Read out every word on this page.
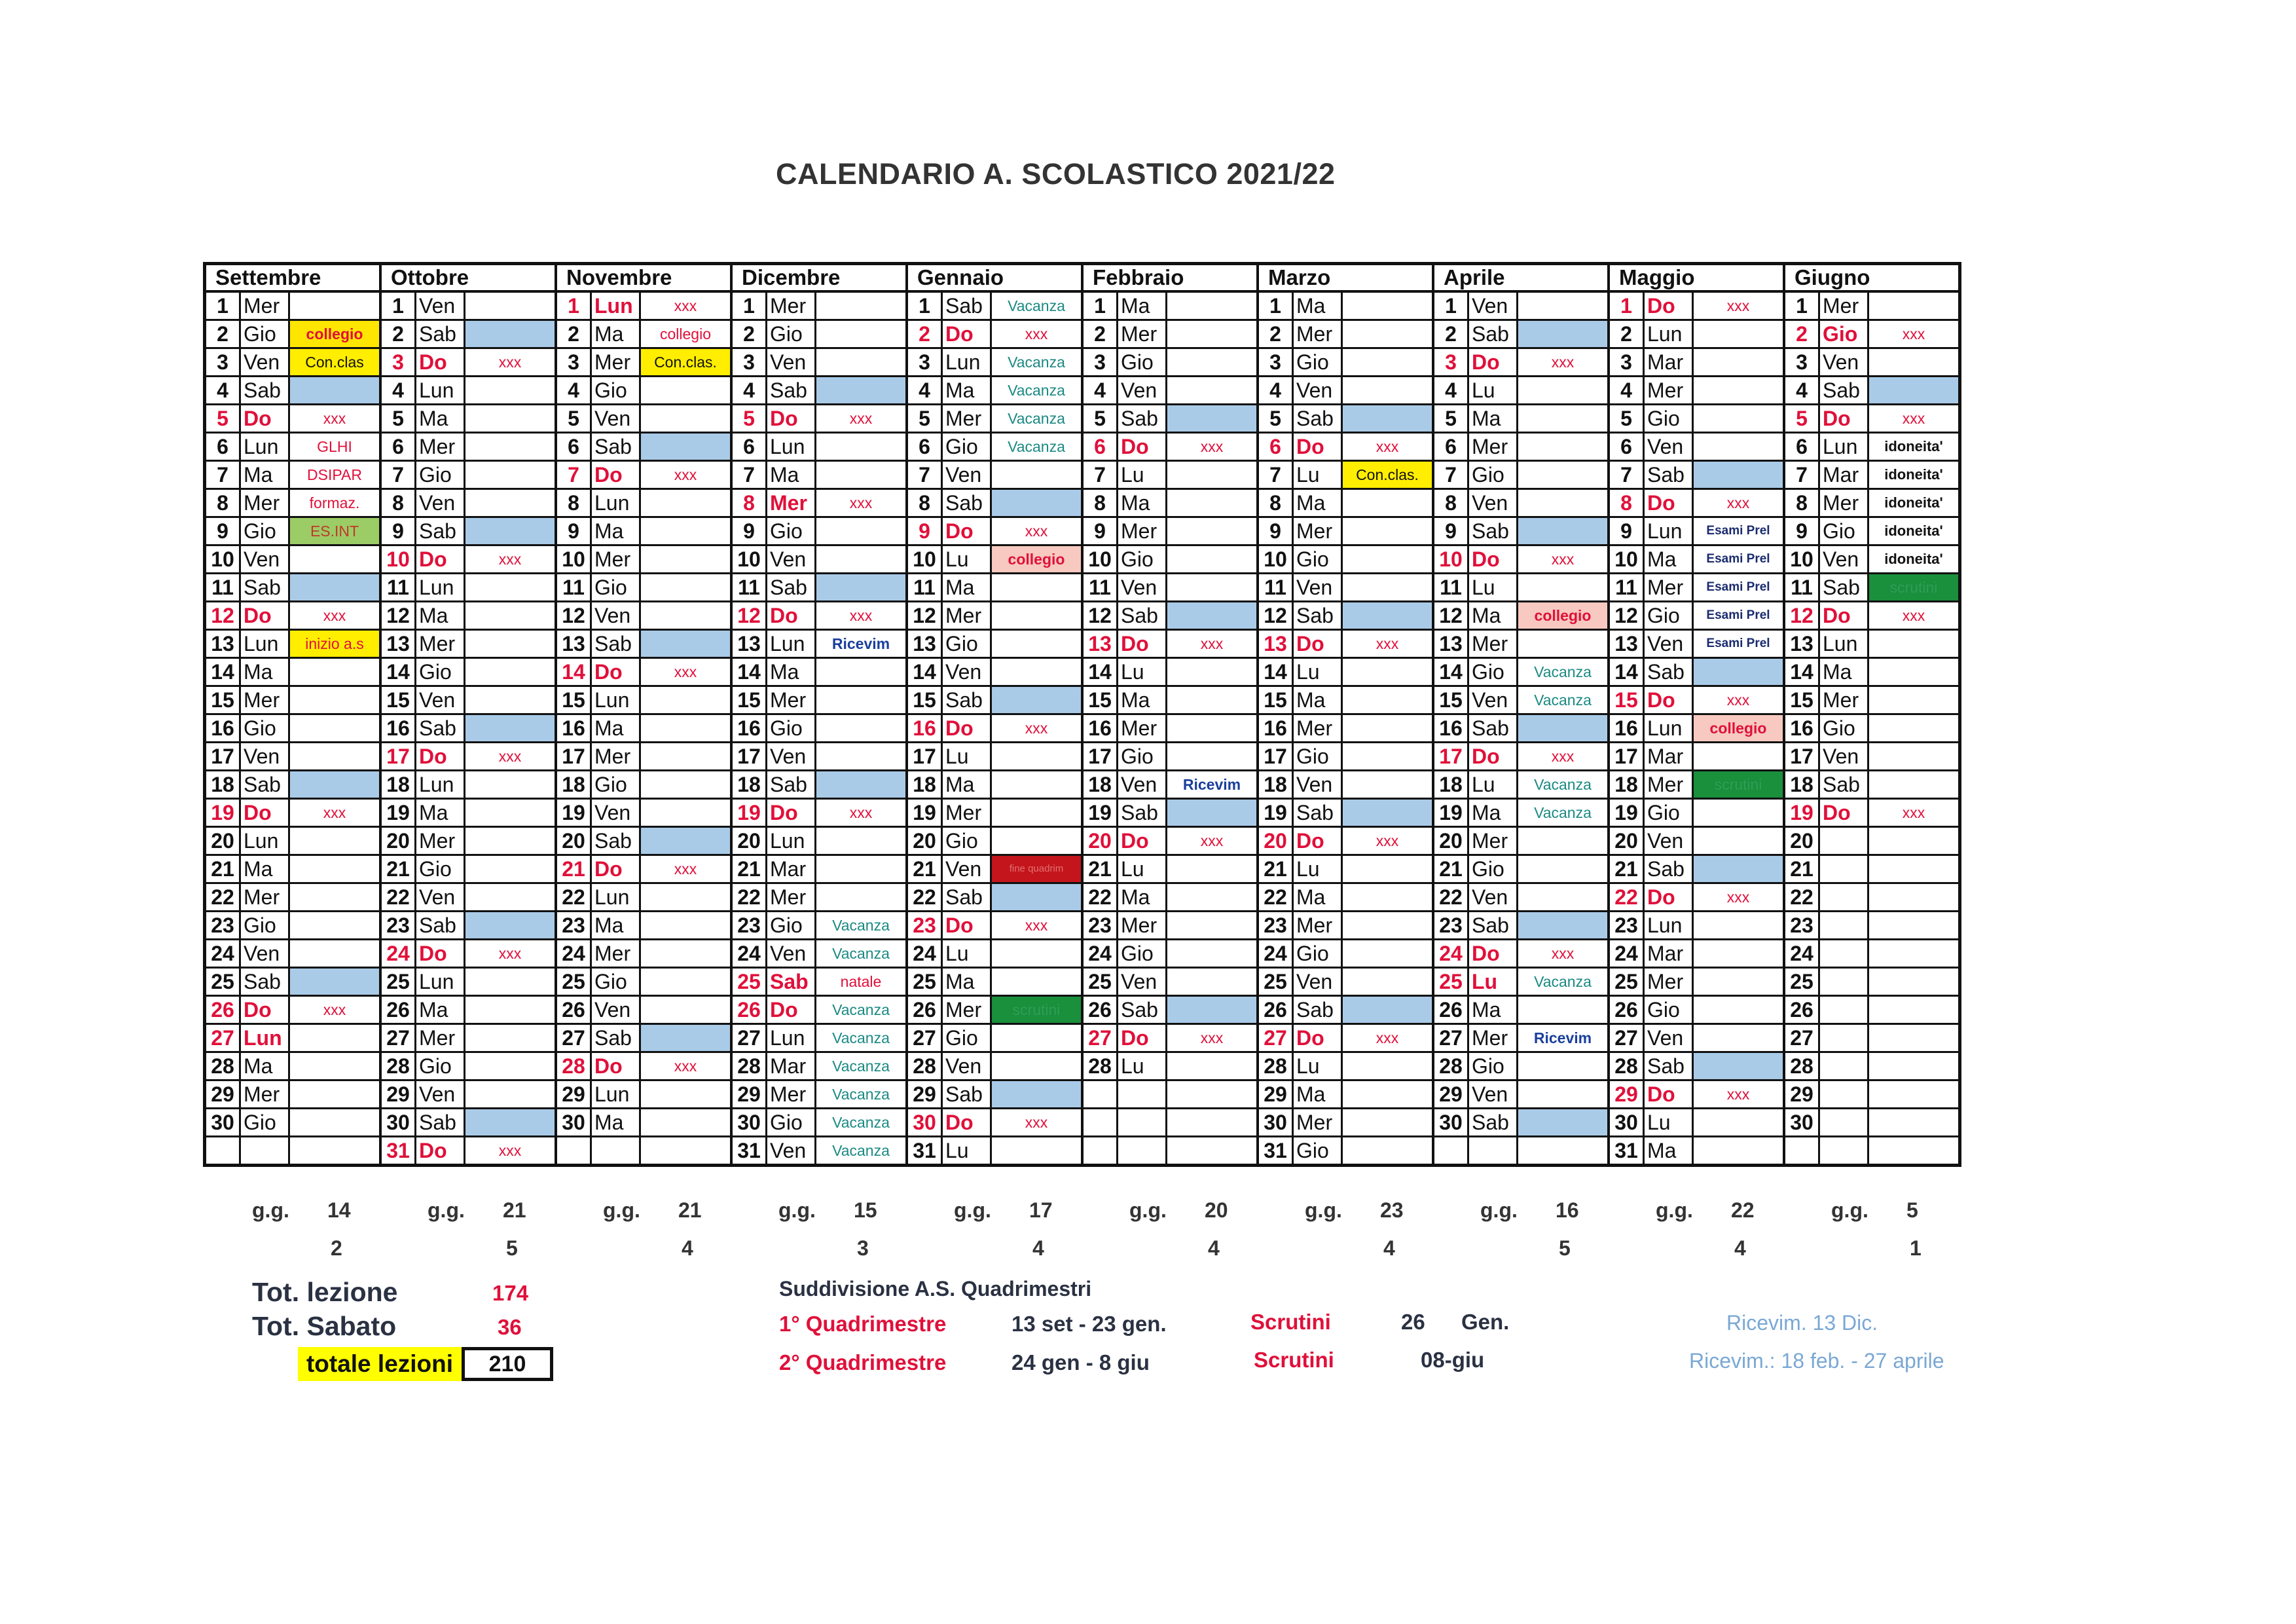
CALENDARIO A. SCOLASTICO 2021/22
Settembre
1 Mer
2 Gio	collegio
3 Ven	Con.clas
4 Sab
5 Do	xxx
6 Lun	GLHI
7 Ma	DSIPAR
8 Mer	formaz.
9 Gio	ES.INT
10 Ven
11 Sab
12 Do	xxx
13 Lun	inizio a.s
14 Ma
15 Mer
16 Gio
17 Ven
18 Sab
19 Do	xxx
20 Lun
21 Ma
22 Mer
23 Gio
24 Ven
25 Sab
26 Do	xxx
27 Lun
28 Ma
29 Mer
30 Gio
Ottobre
1 Ven
2 Sab
3 Do	xxx
4 Lun
5 Ma
6 Mer
7 Gio
8 Ven
9 Sab
10 Do	xxx
11 Lun
12 Ma
13 Mer
14 Gio
15 Ven
16 Sab
17 Do	xxx
18 Lun
19 Ma
20 Mer
21 Gio
22 Ven
23 Sab
24 Do	xxx
25 Lun
26 Ma
27 Mer
28 Gio
29 Ven
30 Sab
31 Do	xxx
Novembre
1 Lun	xxx
2 Ma	collegio
3 Mer	Con.clas.
4 Gio
5 Ven
6 Sab
7 Do	xxx
8 Lun
9 Ma
10 Mer
11 Gio
12 Ven
13 Sab
14 Do	xxx
15 Lun
16 Ma
17 Mer
18 Gio
19 Ven
20 Sab
21 Do	xxx
22 Lun
23 Ma
24 Mer
25 Gio
26 Ven
27 Sab
28 Do	xxx
29 Lun
30 Ma
Dicembre
1 Mer
2 Gio
3 Ven
4 Sab
5 Do	xxx
6 Lun
7 Ma
8 Mer	xxx
9 Gio
10 Ven
11 Sab
12 Do	xxx
13 Lun	Ricevim
14 Ma
15 Mer
16 Gio
17 Ven
18 Sab
19 Do	xxx
20 Lun
21 Mar
22 Mer
23 Gio	Vacanza
24 Ven	Vacanza
25 Sab	natale
26 Do	Vacanza
27 Lun	Vacanza
28 Mar	Vacanza
29 Mer	Vacanza
30 Gio	Vacanza
31 Ven	Vacanza
Gennaio
1 Sab	Vacanza
2 Do	xxx
3 Lun	Vacanza
4 Ma	Vacanza
5 Mer	Vacanza
6 Gio	Vacanza
7 Ven
8 Sab
9 Do	xxx
10 Lu	collegio
11 Ma
12 Mer
13 Gio
14 Ven
15 Sab
16 Do	xxx
17 Lu
18 Ma
19 Mer
20 Gio
21 Ven	fine quadrim
22 Sab
23 Do	xxx
24 Lu
25 Ma
26 Mer	scrutini
27 Gio
28 Ven
29 Sab
30 Do	xxx
31 Lu
Febbraio
1 Ma
2 Mer
3 Gio
4 Ven
5 Sab
6 Do	xxx
7 Lu
8 Ma
9 Mer
10 Gio
11 Ven
12 Sab
13 Do	xxx
14 Lu
15 Ma
16 Mer
17 Gio
18 Ven	Ricevim
19 Sab
20 Do	xxx
21 Lu
22 Ma
23 Mer
24 Gio
25 Ven
26 Sab
27 Do	xxx
28 Lu
Marzo
1 Ma
2 Mer
3 Gio
4 Ven
5 Sab
6 Do	xxx
7 Lu	Con.clas.
8 Ma
9 Mer
10 Gio
11 Ven
12 Sab
13 Do	xxx
14 Lu
15 Ma
16 Mer
17 Gio
18 Ven
19 Sab
20 Do	xxx
21 Lu
22 Ma
23 Mer
24 Gio
25 Ven
26 Sab
27 Do	xxx
28 Lu
29 Ma
30 Mer
31 Gio
Aprile
1 Ven
2 Sab
3 Do	xxx
4 Lu
5 Ma
6 Mer
7 Gio
8 Ven
9 Sab
10 Do	xxx
11 Lu
12 Ma	collegio
13 Mer
14 Gio	Vacanza
15 Ven	Vacanza
16 Sab
17 Do	xxx
18 Lu	Vacanza
19 Ma	Vacanza
20 Mer
21 Gio
22 Ven
23 Sab
24 Do	xxx
25 Lu	Vacanza
26 Ma
27 Mer	Ricevim
28 Gio
29 Ven
30 Sab
Maggio
1 Do	xxx
2 Lun
3 Mar
4 Mer
5 Gio
6 Ven
7 Sab
8 Do	xxx
9 Lun	Esami Prel
10 Ma	Esami Prel
11 Mer	Esami Prel
12 Gio	Esami Prel
13 Ven	Esami Prel
14 Sab
15 Do	xxx
16 Lun	collegio
17 Mar
18 Mer	scrutini
19 Gio
20 Ven
21 Sab
22 Do	xxx
23 Lun
24 Mar
25 Mer
26 Gio
27 Ven
28 Sab
29 Do	xxx
30 Lu
31 Ma
Giugno
1 Mer
2 Gio	xxx
3 Ven
4 Sab
5 Do	xxx
6 Lun	idoneita'
7 Mar	idoneita'
8 Mer	idoneita'
9 Gio	idoneita'
10 Ven	idoneita'
11 Sab	scrutini
12 Do	xxx
13 Lun
14 Ma
15 Mer
16 Gio
17 Ven
18 Sab
19 Do	xxx
20
21
22
23
24
25
26
27
28
29
30
g.g. 14
2
g.g. 21
5
g.g. 21
4
g.g. 15
3
g.g. 17
4
g.g. 20
4
g.g. 23
4
g.g. 16
5
g.g. 22
4
g.g. 5
1
Tot. lezione	174
Tot. Sabato	36
totale lezioni	210
Suddivisione A.S. Quadrimestri
1° Quadrimestre	13 set - 23 gen.	Scrutini	26 Gen.
2° Quadrimestre	24 gen - 8 giu	Scrutini	08-giu
Ricevim. 13 Dic.
Ricevim.: 18 feb. - 27 aprile
